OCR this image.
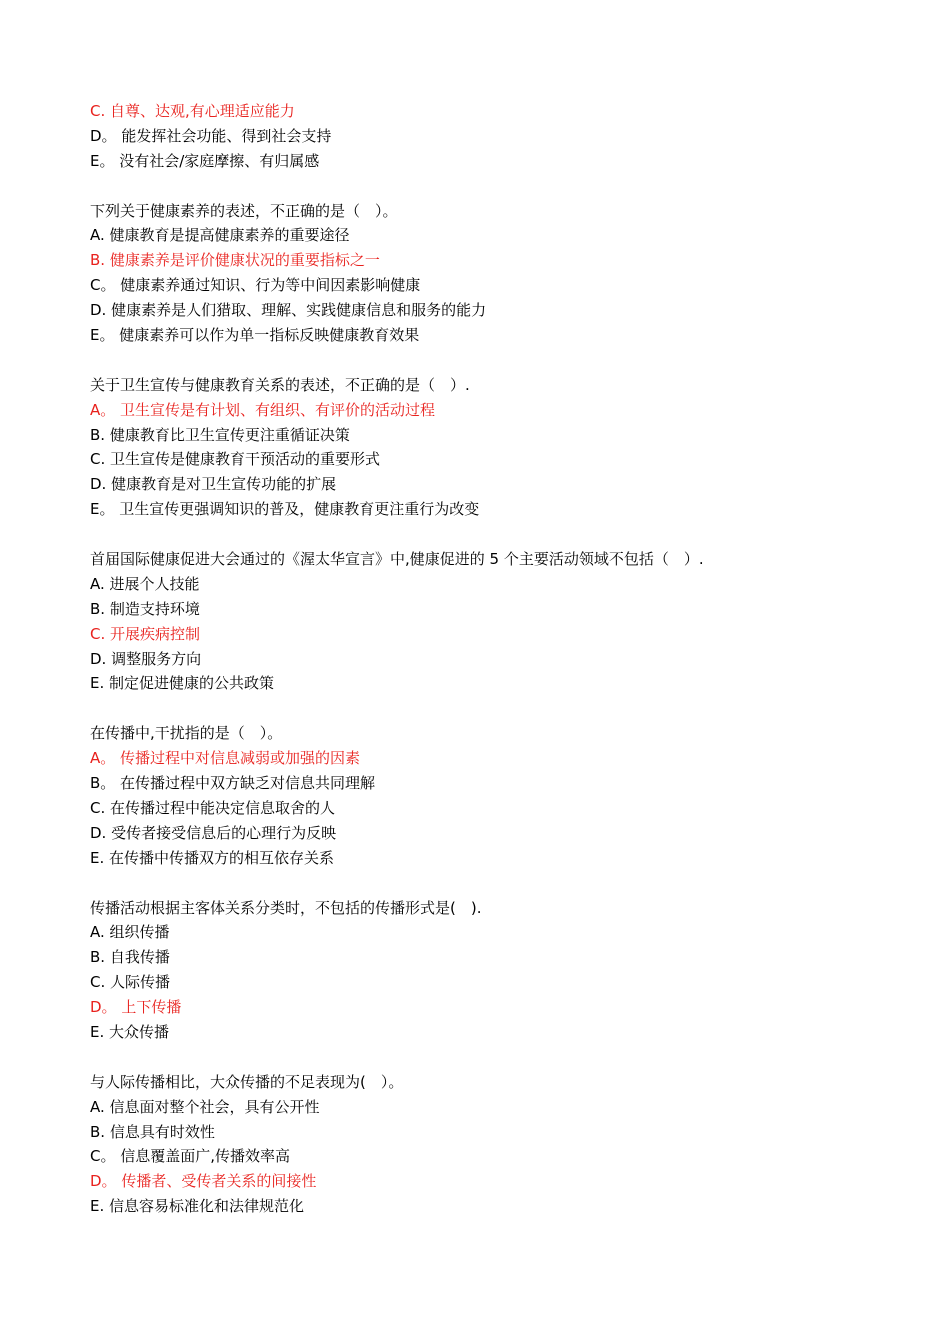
C. 自尊、达观,有心理适应能力
D。 能发挥社会功能、得到社会支持
E。 没有社会/家庭摩擦、有归属感
下列关于健康素养的表述，不正确的是（　）。
A. 健康教育是提高健康素养的重要途径
B. 健康素养是评价健康状况的重要指标之一
C。 健康素养通过知识、行为等中间因素影响健康
D. 健康素养是人们猎取、理解、实践健康信息和服务的能力
E。 健康素养可以作为单一指标反映健康教育效果
关于卫生宣传与健康教育关系的表述，不正确的是（　）.
A。 卫生宣传是有计划、有组织、有评价的活动过程
B. 健康教育比卫生宣传更注重循证决策
C. 卫生宣传是健康教育干预活动的重要形式
D. 健康教育是对卫生宣传功能的扩展
E。 卫生宣传更强调知识的普及，健康教育更注重行为改变
首届国际健康促进大会通过的《渥太华宣言》中,健康促进的 5 个主要活动领域不包括（　）.
A. 进展个人技能
B. 制造支持环境
C. 开展疾病控制
D. 调整服务方向
E. 制定促进健康的公共政策
在传播中,干扰指的是（　）。
A。 传播过程中对信息减弱或加强的因素
B。 在传播过程中双方缺乏对信息共同理解
C. 在传播过程中能决定信息取舍的人
D. 受传者接受信息后的心理行为反映
E. 在传播中传播双方的相互依存关系
传播活动根据主客体关系分类时，不包括的传播形式是(　).
A. 组织传播
B. 自我传播
C. 人际传播
D。 上下传播
E. 大众传播
与人际传播相比，大众传播的不足表现为(　）。
A. 信息面对整个社会，具有公开性
B. 信息具有时效性
C。 信息覆盖面广,传播效率高
D。 传播者、受传者关系的间接性
E. 信息容易标准化和法律规范化
